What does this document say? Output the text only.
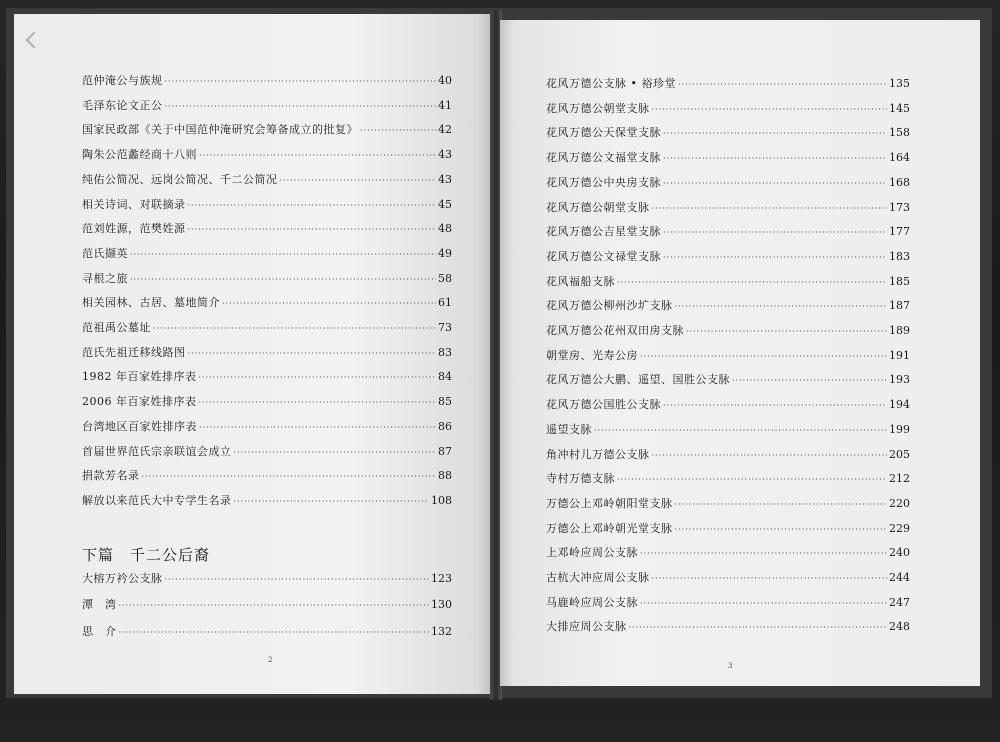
范仲淹公与族规 ·····	40
毛泽东论文正公 ·····	41
国家民政部《关于中国范仲淹研究会筹备成立的批复》 ·····	42
陶朱公范蠡经商十八则 ·····	43
纯佑公简况、远岗公简况、千二公简况 ·····	43
相关诗词、对联摘录 ·····	45
范刘姓源，范樊姓源 ·····	48
范氏撷英 ·····	49
寻根之旅 ·····	58
相关园林、古居、墓地简介 ·····	61
范祖禹公墓址 ·····	73
范氏先祖迁移线路图 ·····	83
1982 年百家姓排序表 ·····	84
2006 年百家姓排序表 ·····	85
台湾地区百家姓排序表 ·····	86
首届世界范氏宗亲联谊会成立 ·····	87
捐款芳名录 ·····	88
解放以来范氏大中专学生名录 ·····	108
下篇　千二公后裔
大榕万衿公支脉 ·····	123
潭　湾 ·····	130
思　介 ·····	132
2
花风万德公支脉 • 裕珍堂 ·····	135
花风万德公朝堂支脉 ·····	145
花风万德公天保堂支脉 ·····	158
花风万德公文福堂支脉 ·····	164
花风万德公中央房支脉 ·····	168
花风万德公朝堂支脉 ·····	173
花风万德公吉星堂支脉 ·····	177
花风万德公文禄堂支脉 ·····	183
花风福船支脉 ·····	185
花风万德公柳州沙圹支脉 ·····	187
花风万德公花州双田房支脉 ·····	189
朝堂房、光寿公房 ·····	191
花风万德公大鹏、遥望、国胜公支脉 ·····	193
花风万德公国胜公支脉 ·····	194
遥望支脉 ·····	199
角冲村儿万德公支脉 ·····	205
寺村万德支脉 ·····	212
万德公上邓岭朝阳堂支脉 ·····	220
万德公上邓岭朝光堂支脉 ·····	229
上邓岭应周公支脉 ·····	240
古杭大冲应周公支脉 ·····	244
马鹿岭应周公支脉 ·····	247
大排应周公支脉 ·····	248
3
